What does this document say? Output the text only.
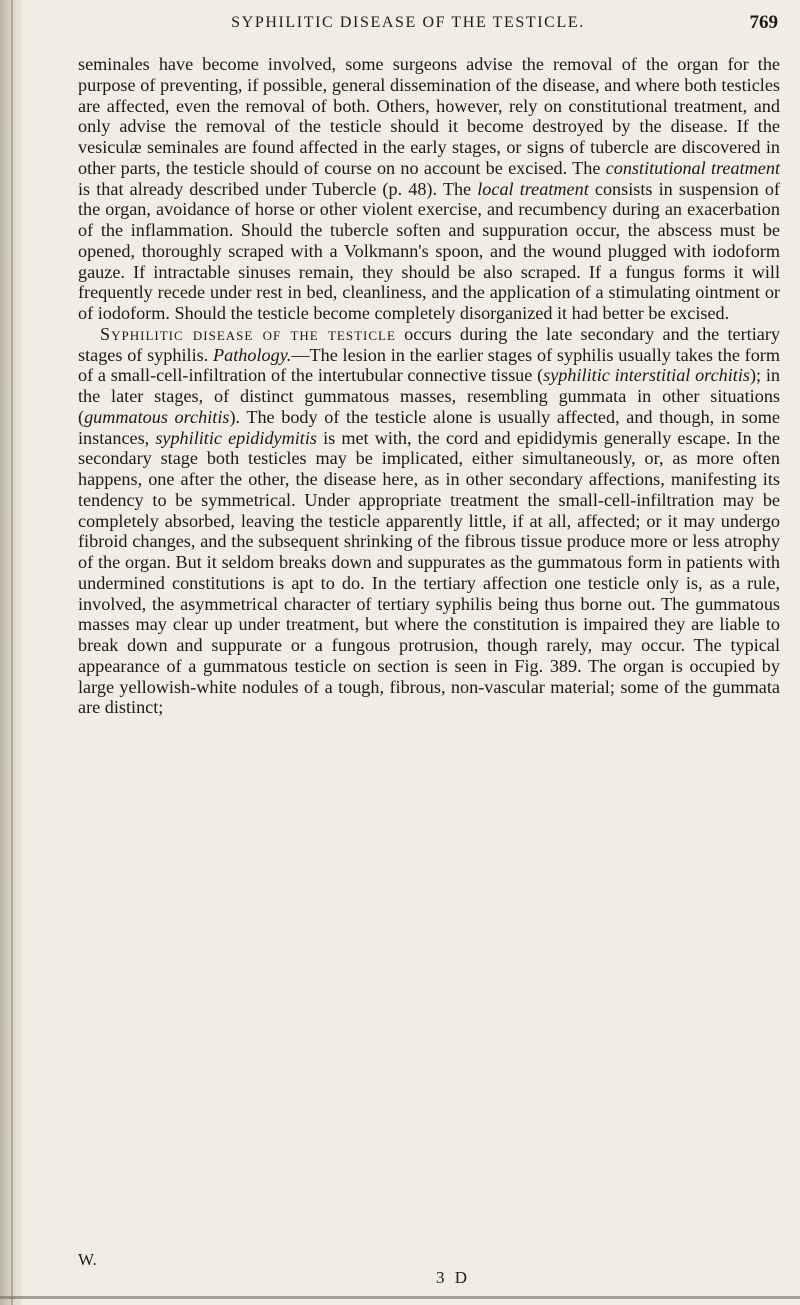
SYPHILITIC DISEASE OF THE TESTICLE.	769

seminales have become involved, some surgeons advise the removal of the organ for the purpose of preventing, if possible, general dissemination of the disease, and where both testicles are affected, even the removal of both. Others, however, rely on constitutional treatment, and only advise the removal of the testicle should it become destroyed by the disease. If the vesiculæ seminales are found affected in the early stages, or signs of tubercle are discovered in other parts, the testicle should of course on no account be excised. The constitutional treatment is that already described under Tubercle (p. 48). The local treatment consists in suspension of the organ, avoidance of horse or other violent exercise, and recumbency during an exacerbation of the inflammation. Should the tubercle soften and suppuration occur, the abscess must be opened, thoroughly scraped with a Volkmann's spoon, and the wound plugged with iodoform gauze. If intractable sinuses remain, they should be also scraped. If a fungus forms it will frequently recede under rest in bed, cleanliness, and the application of a stimulating ointment or of iodoform. Should the testicle become completely disorganized it had better be excised.

Syphilitic disease of the testicle occurs during the late secondary and the tertiary stages of syphilis. Pathology.—The lesion in the earlier stages of syphilis usually takes the form of a small-cell-infiltration of the intertubular connective tissue (syphilitic interstitial orchitis); in the later stages, of distinct gummatous masses, resembling gummata in other situations (gummatous orchitis). The body of the testicle alone is usually affected, and though, in some instances, syphilitic epididymitis is met with, the cord and epididymis generally escape. In the secondary stage both testicles may be implicated, either simultaneously, or, as more often happens, one after the other, the disease here, as in other secondary affections, manifesting its tendency to be symmetrical. Under appropriate treatment the small-cell-infiltration may be completely absorbed, leaving the testicle apparently little, if at all, affected; or it may undergo fibroid changes, and the subsequent shrinking of the fibrous tissue produce more or less atrophy of the organ. But it seldom breaks down and suppurates as the gummatous form in patients with undermined constitutions is apt to do. In the tertiary affection one testicle only is, as a rule, involved, the asymmetrical character of tertiary syphilis being thus borne out. The gummatous masses may clear up under treatment, but where the constitution is impaired they are liable to break down and suppurate or a fungous protrusion, though rarely, may occur. The typical appearance of a gummatous testicle on section is seen in Fig. 389. The organ is occupied by large yellowish-white nodules of a tough, fibrous, non-vascular material; some of the gummata are distinct;

W.
3 D
